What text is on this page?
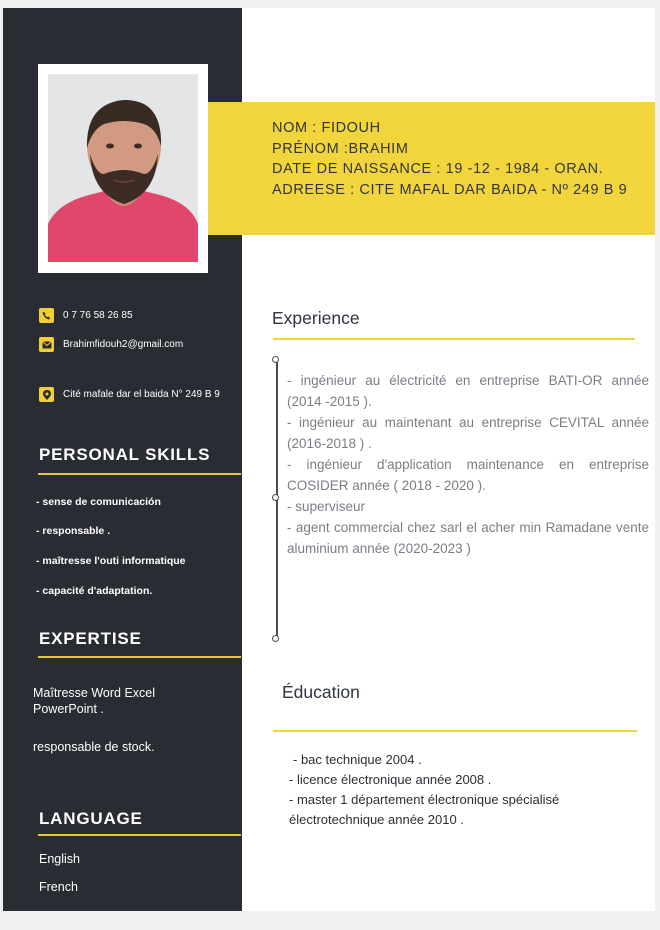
0 7 76 58 26 85
Brahimfidouh2@gmail.com
Cité mafale dar el baida N° 249 B 9
PERSONAL SKILLS
- sense de comunicación
- responsable .
- maîtresse l'outi informatique
- capacité d'adaptation.
EXPERTISE
Maîtresse Word Excel PowerPoint .
responsable de stock.
LANGUAGE
English
French
NOM : FIDOUH
PRÉNOM :BRAHIM
DATE DE NAISSANCE : 19 -12 - 1984 - ORAN.
ADREESE : CITE MAFAL DAR BAIDA - Nº 249 B 9
Experience

- ingénieur au électricité en entreprise BATI-OR année (2014 -2015 ).

- ingénieur au maintenant au entreprise CEVITAL année (2016-2018 ) .

- ingénieur d'application maintenance en entreprise COSIDER année ( 2018 - 2020 ).

- superviseur

- agent commercial chez sarl el acher min Ramadane vente aluminium année (2020-2023 )

Éducation

- bac technique 2004 .

- licence électronique année 2008 .

- master 1 département électronique spécialisé électrotechnique année 2010 .
